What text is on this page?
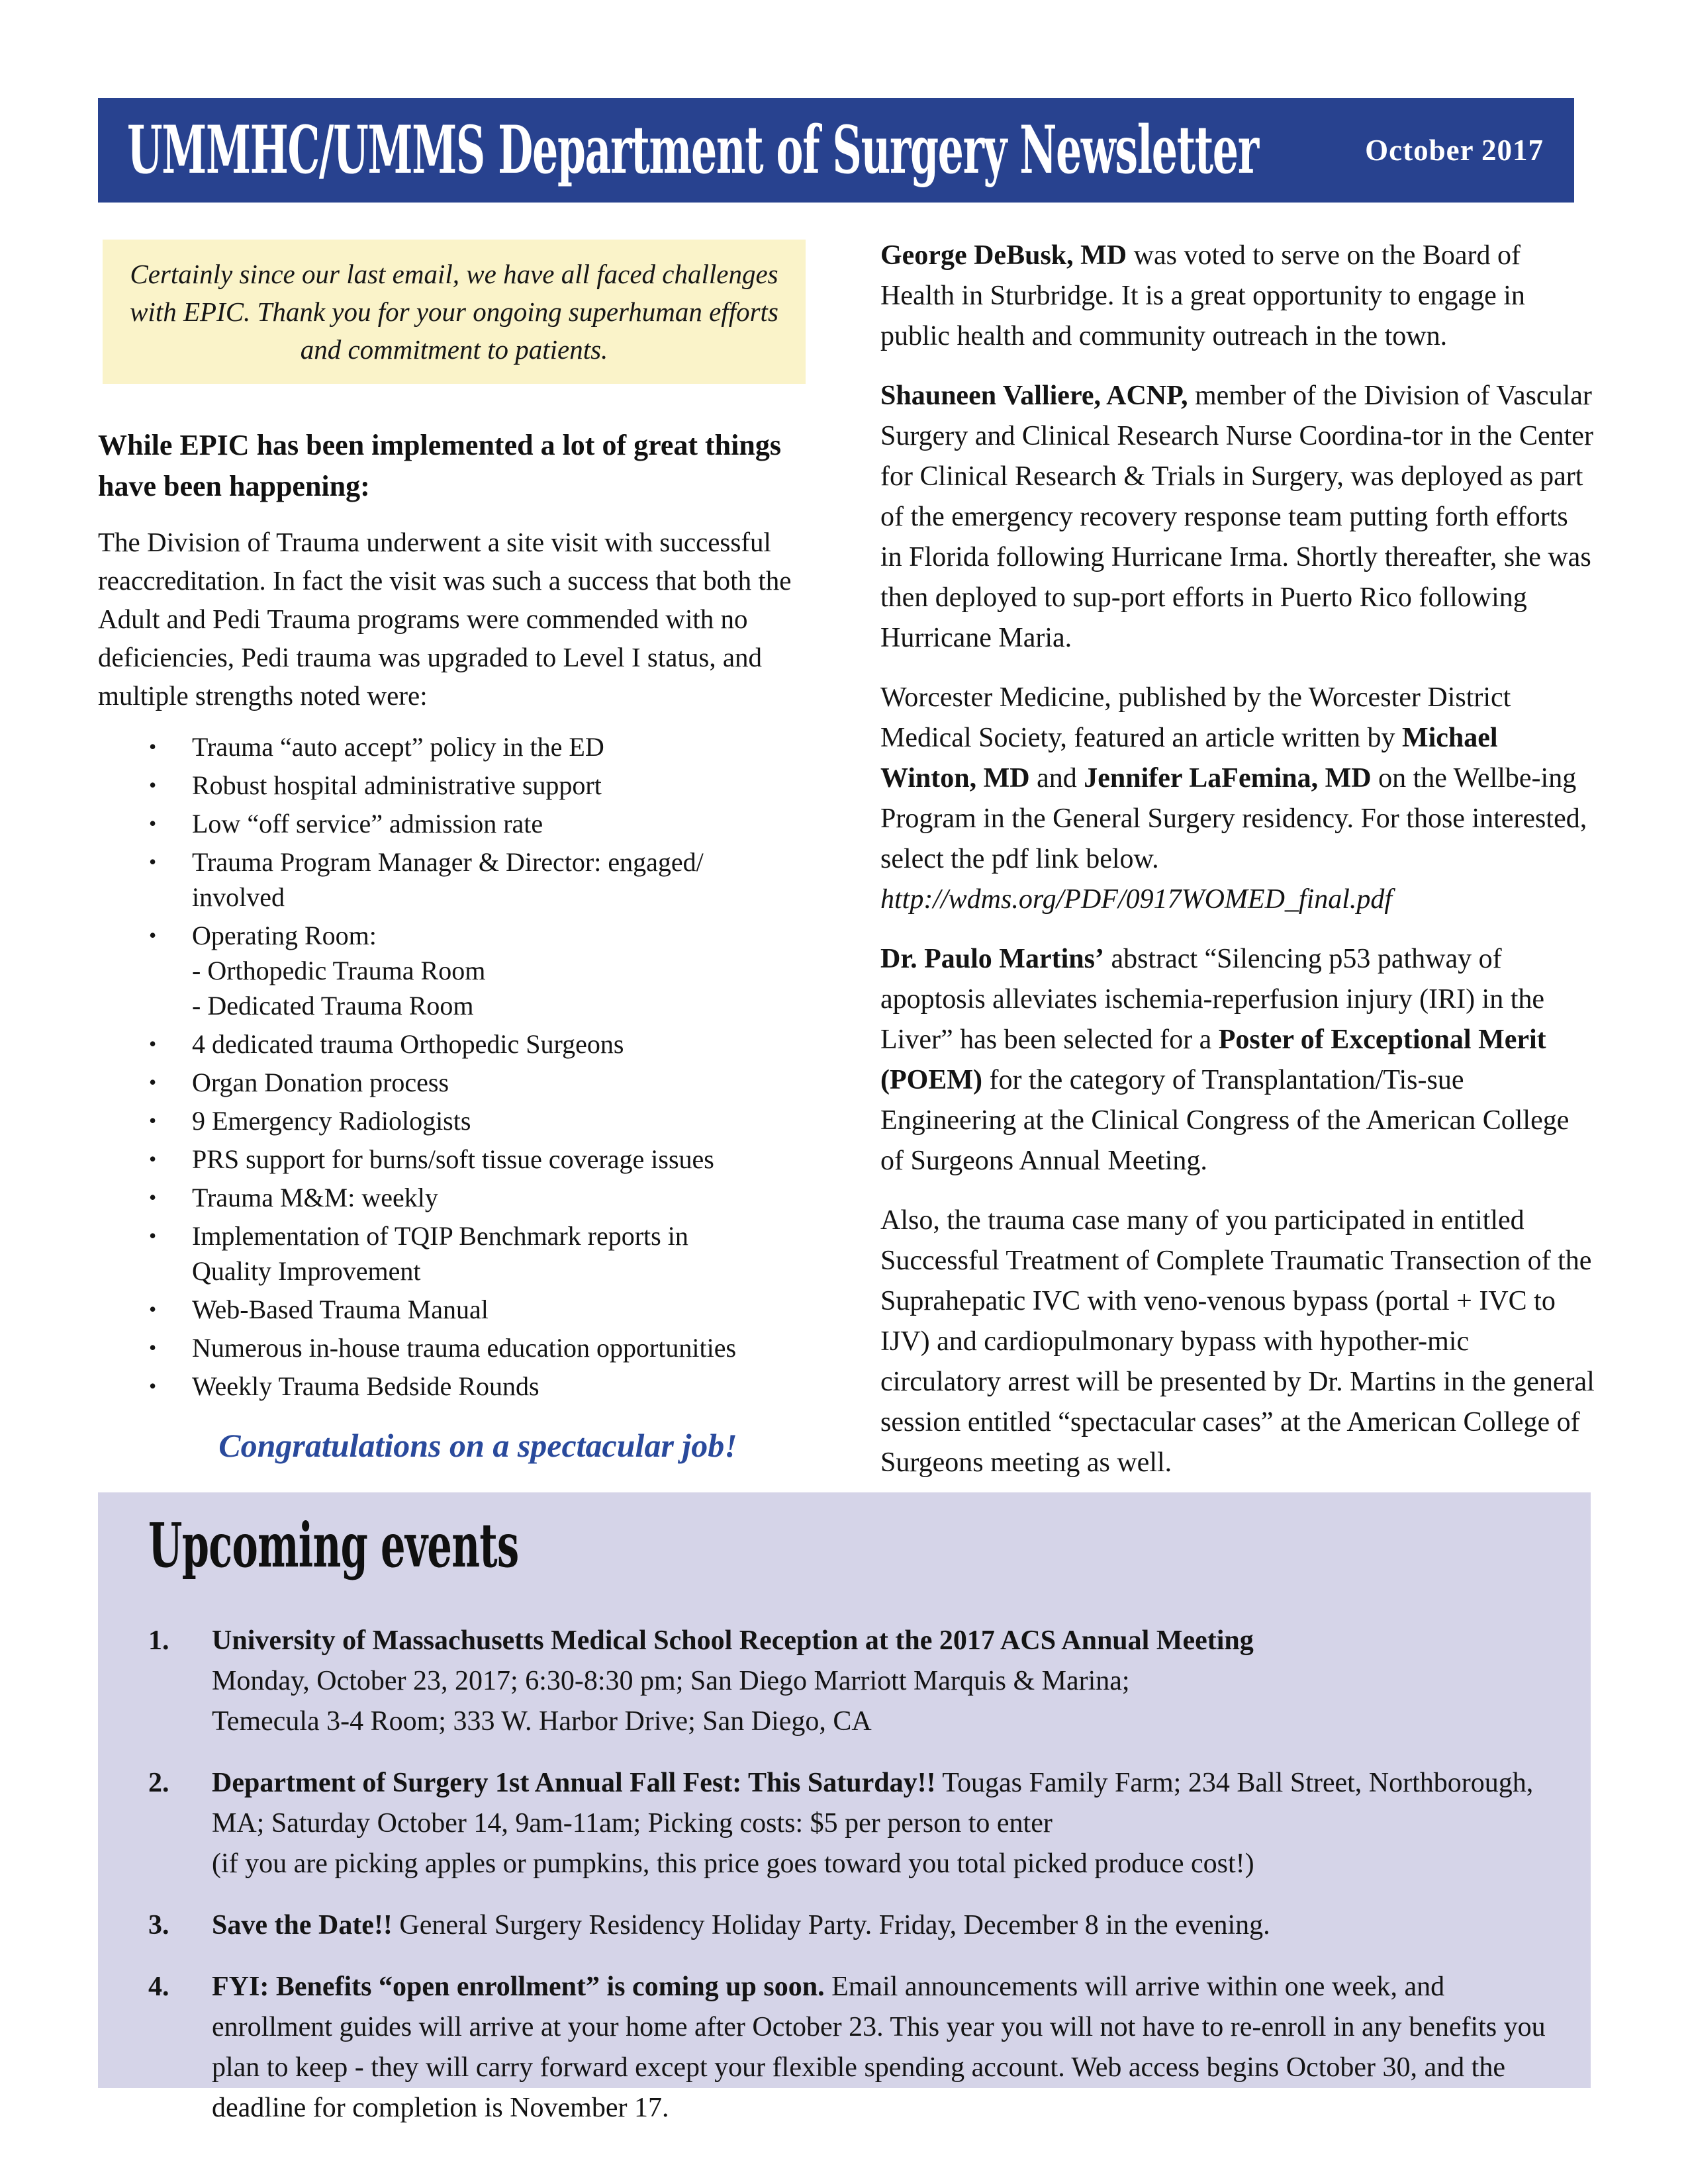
UMMHC/UMMS Department of Surgery Newsletter	October 2017

Certainly since our last email, we have all faced challenges with EPIC. Thank you for your ongoing superhuman efforts and commitment to patients.

While EPIC has been implemented a lot of great things have been happening:

The Division of Trauma underwent a site visit with successful reaccreditation. In fact the visit was such a success that both the Adult and Pedi Trauma programs were commended with no deficiencies, Pedi trauma was upgraded to Level I status, and multiple strengths noted were:

•	Trauma “auto accept” policy in the ED
•	Robust hospital administrative support
•	Low “off service” admission rate
•	Trauma Program Manager & Director: engaged/
involved
•	Operating Room:
- Orthopedic Trauma Room
- Dedicated Trauma Room
•	4 dedicated trauma Orthopedic Surgeons
•	Organ Donation process
•	9 Emergency Radiologists
•	PRS support for burns/soft tissue coverage issues
•	Trauma M&M: weekly
•	Implementation of TQIP Benchmark reports in
Quality Improvement
•	Web-Based Trauma Manual
•	Numerous in-house trauma education opportunities
•	Weekly Trauma Bedside Rounds

Congratulations on a spectacular job!

George DeBusk, MD was voted to serve on the Board of Health in Sturbridge. It is a great opportunity to engage in public health and community outreach in the town.

Shauneen Valliere, ACNP, member of the Division of Vascular Surgery and Clinical Research Nurse Coordina-tor in the Center for Clinical Research & Trials in Surgery, was deployed as part of the emergency recovery response team putting forth efforts in Florida following Hurricane Irma. Shortly thereafter, she was then deployed to sup-port efforts in Puerto Rico following Hurricane Maria.

Worcester Medicine, published by the Worcester District Medical Society, featured an article written by Michael Winton, MD and Jennifer LaFemina, MD on the Wellbe-ing Program in the General Surgery residency. For those interested, select the pdf link below.
http://wdms.org/PDF/0917WOMED_final.pdf

Dr. Paulo Martins’ abstract “Silencing p53 pathway of apoptosis alleviates ischemia-reperfusion injury (IRI) in the Liver” has been selected for a Poster of Exceptional Merit (POEM) for the category of Transplantation/Tis-sue Engineering at the Clinical Congress of the American College of Surgeons Annual Meeting.

Also, the trauma case many of you participated in entitled Successful Treatment of Complete Traumatic Transection of the Suprahepatic IVC with veno-venous bypass (portal + IVC to IJV) and cardiopulmonary bypass with hypother-mic circulatory arrest will be presented by Dr. Martins in the general session entitled “spectacular cases” at the American College of Surgeons meeting as well.

Upcoming events
1.	University of Massachusetts Medical School Reception at the 2017 ACS Annual Meeting
Monday, October 23, 2017; 6:30-8:30 pm; San Diego Marriott Marquis & Marina;
Temecula 3-4 Room; 333 W. Harbor Drive; San Diego, CA
2.	Department of Surgery 1st Annual Fall Fest: This Saturday!! Tougas Family Farm; 234 Ball Street, Northborough, MA; Saturday October 14, 9am-11am; Picking costs: $5 per person to enter
(if you are picking apples or pumpkins, this price goes toward you total picked produce cost!)
3.	Save the Date!! General Surgery Residency Holiday Party. Friday, December 8 in the evening.
4.	FYI: Benefits “open enrollment” is coming up soon. Email announcements will arrive within one week, and enrollment guides will arrive at your home after October 23. This year you will not have to re-enroll in any benefits you plan to keep - they will carry forward except your flexible spending account. Web access begins October 30, and the deadline for completion is November 17.
